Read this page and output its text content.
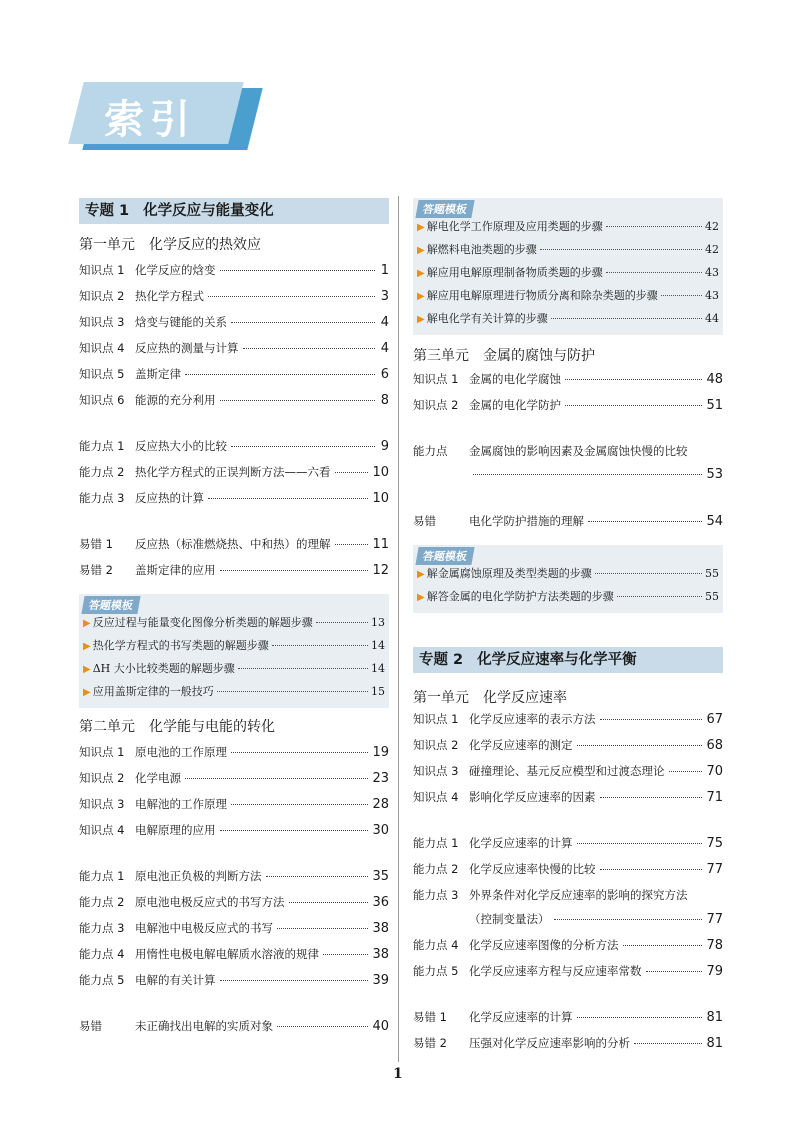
索引
专题 1 化学反应与能量变化
第一单元 化学反应的热效应
知识点 1 化学反应的焓变	1
知识点 2 热化学方程式	3
知识点 3 焓变与键能的关系	4
知识点 4 反应热的测量与计算	4
知识点 5 盖斯定律	6
知识点 6 能源的充分利用	8
能力点 1 反应热大小的比较	9
能力点 2 热化学方程式的正误判断方法——六看	10
能力点 3 反应热的计算	10
易错 1	反应热（标准燃烧热、中和热）的理解	11
易错 2	盖斯定律的应用	12
答题模板
▶ 反应过程与能量变化图像分析类题的解题步骤	13
▶ 热化学方程式的书写类题的解题步骤	14
▶ ΔH 大小比较类题的解题步骤	14
▶ 应用盖斯定律的一般技巧	15
第二单元 化学能与电能的转化
知识点 1 原电池的工作原理	19
知识点 2 化学电源	23
知识点 3 电解池的工作原理	28
知识点 4 电解原理的应用	30
能力点 1 原电池正负极的判断方法	35
能力点 2 原电池电极反应式的书写方法	36
能力点 3 电解池中电极反应式的书写	38
能力点 4 用惰性电极电解电解质水溶液的规律	38
能力点 5 电解的有关计算	39
易错	未正确找出电解的实质对象	40
答题模板
▶ 解电化学工作原理及应用类题的步骤	42
▶ 解燃料电池类题的步骤	42
▶ 解应用电解原理制备物质类题的步骤	43
▶ 解应用电解原理进行物质分离和除杂类题的步骤	43
▶ 解电化学有关计算的步骤	44
第三单元 金属的腐蚀与防护
知识点 1 金属的电化学腐蚀	48
知识点 2 金属的电化学防护	51
能力点	金属腐蚀的影响因素及金属腐蚀快慢的比较
53
易错	电化学防护措施的理解	54
答题模板
▶ 解金属腐蚀原理及类型类题的步骤	55
▶ 解答金属的电化学防护方法类题的步骤	55
专题 2 化学反应速率与化学平衡
第一单元 化学反应速率
知识点 1 化学反应速率的表示方法	67
知识点 2 化学反应速率的测定	68
知识点 3 碰撞理论、基元反应模型和过渡态理论	70
知识点 4 影响化学反应速率的因素	71
能力点 1 化学反应速率的计算	75
能力点 2 化学反应速率快慢的比较	77
能力点 3 外界条件对化学反应速率的影响的探究方法
（控制变量法）	77
能力点 4 化学反应速率图像的分析方法	78
能力点 5 化学反应速率方程与反应速率常数	79
易错 1	化学反应速率的计算	81
易错 2	压强对化学反应速率影响的分析	81
1
